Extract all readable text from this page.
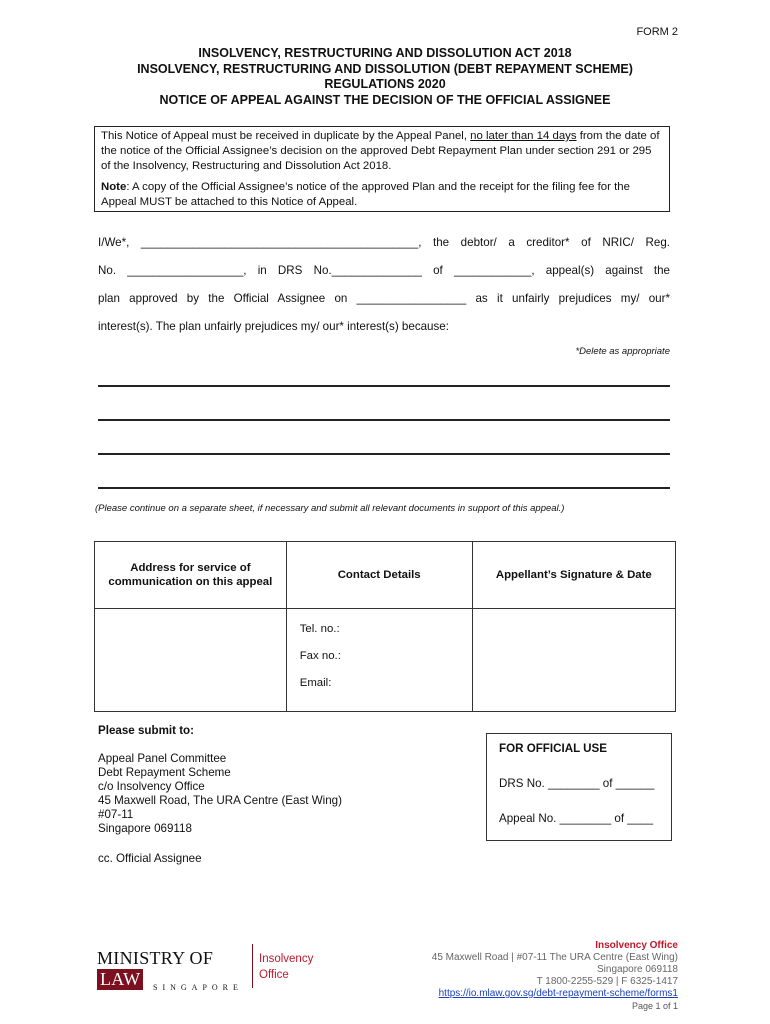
FORM 2
INSOLVENCY, RESTRUCTURING AND DISSOLUTION ACT 2018
INSOLVENCY, RESTRUCTURING AND DISSOLUTION (DEBT REPAYMENT SCHEME)
REGULATIONS 2020
NOTICE OF APPEAL AGAINST THE DECISION OF THE OFFICIAL ASSIGNEE

This Notice of Appeal must be received in duplicate by the Appeal Panel, no later than 14 days from the date of the notice of the Official Assignee’s decision on the approved Debt Repayment Plan under section 291 or 295 of the Insolvency, Restructuring and Dissolution Act 2018.

Note: A copy of the Official Assignee’s notice of the approved Plan and the receipt for the filing fee for the Appeal MUST be attached to this Notice of Appeal.

I/We*, ___________________________________________, the debtor/ a creditor* of NRIC/ Reg.
No. __________________, in DRS No.______________ of ____________, appeal(s) against the
plan approved by the Official Assignee on _________________ as it unfairly prejudices my/ our*
interest(s). The plan unfairly prejudices my/ our* interest(s) because:
*Delete as appropriate
(Please continue on a separate sheet, if necessary and submit all relevant documents in support of this appeal.)
Address for service of communication on this appeal	Contact Details	Appellant’s Signature & Date

	Tel. no.:
Fax no.:
Email:	

Please submit to:
Appeal Panel Committee
Debt Repayment Scheme
c/o Insolvency Office
45 Maxwell Road, The URA Centre (East Wing)
#07-11
Singapore 069118
cc. Official Assignee
FOR OFFICIAL USE
DRS No. ________ of ______
Appeal No. ________ of ____
MINISTRY OF LAW	SINGAPORE
Insolvency
Office
Insolvency Office
45 Maxwell Road | #07-11 The URA Centre (East Wing)
Singapore 069118
T 1800-2255-529 | F 6325-1417
https://io.mlaw.gov.sg/debt-repayment-scheme/forms1
Page 1 of 1
